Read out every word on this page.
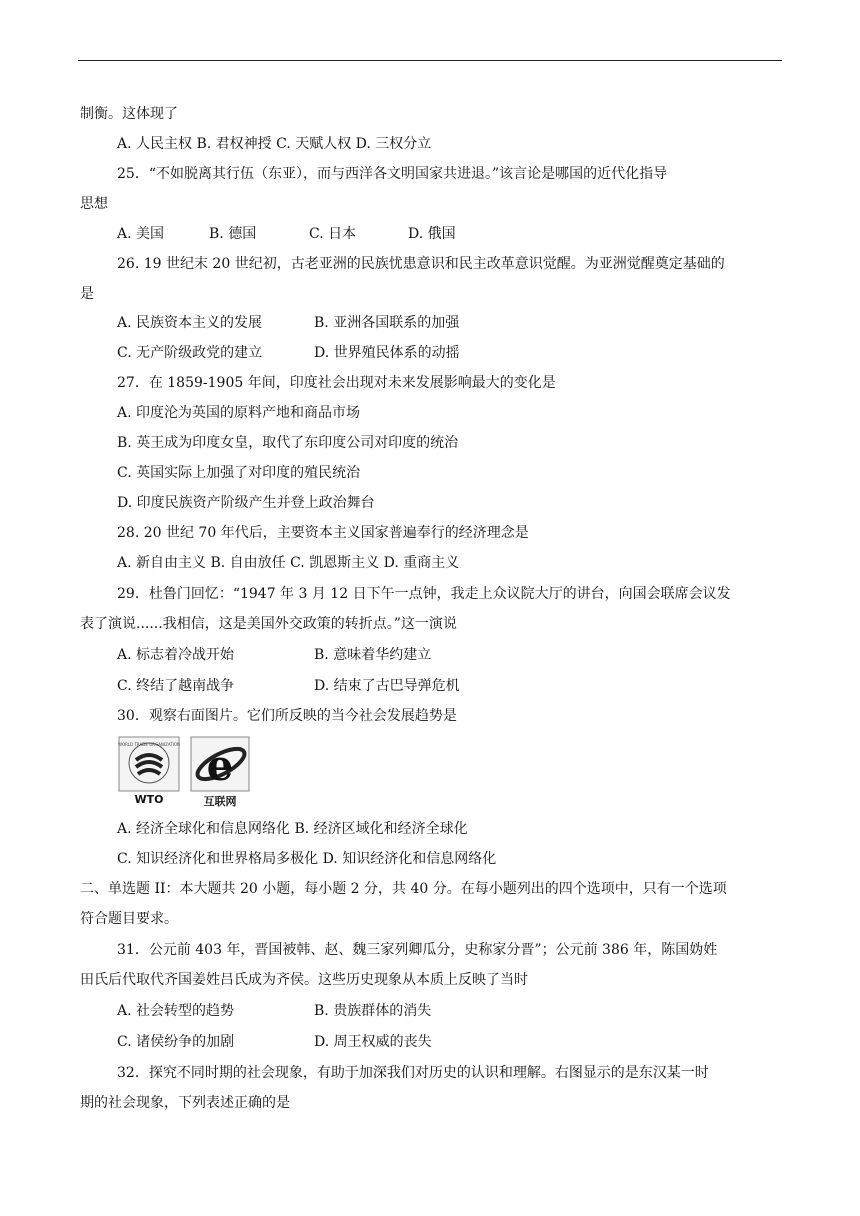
制衡。这体现了
A. 人民主权 B. 君权神授 C. 天赋人权 D. 三权分立
25．“不如脱离其行伍（东亚），而与西洋各文明国家共进退。”该言论是哪国的近代化指导
思想
A. 美国	B. 德国	C. 日本	D. 俄国
26. 19 世纪末 20 世纪初，古老亚洲的民族忧患意识和民主改革意识觉醒。为亚洲觉醒奠定基础的
是
A. 民族资本主义的发展	B. 亚洲各国联系的加强
C. 无产阶级政党的建立	D. 世界殖民体系的动摇
27．在 1859-1905 年间，印度社会出现对未来发展影响最大的变化是
A. 印度沦为英国的原料产地和商品市场
B. 英王成为印度女皇，取代了东印度公司对印度的统治
C. 英国实际上加强了对印度的殖民统治
D. 印度民族资产阶级产生并登上政治舞台
28. 20 世纪 70 年代后，主要资本主义国家普遍奉行的经济理念是
A. 新自由主义 B. 自由放任 C. 凯恩斯主义 D. 重商主义
29．杜鲁门回忆：“1947 年 3 月 12 日下午一点钟，我走上众议院大厅的讲台，向国会联席会议发
表了演说......我相信，这是美国外交政策的转折点。”这一演说
A. 标志着冷战开始	B. 意味着华约建立
C. 终结了越南战争	D. 结束了古巴导弹危机
30．观察右面图片。它们所反映的当今社会发展趋势是
WORLD TRADE ORGANIZATION
WTO
e
互联网
A. 经济全球化和信息网络化 B. 经济区域化和经济全球化
C. 知识经济化和世界格局多极化 D. 知识经济化和信息网络化
二、单选题 II：本大题共 20 小题，每小题 2 分，共 40 分。在每小题列出的四个选项中，只有一个选项
符合题目要求。
31．公元前 403 年，晋国被韩、赵、魏三家列卿瓜分，史称家分晋”；公元前 386 年，陈国妫姓
田氏后代取代齐国姜姓吕氏成为齐侯。这些历史现象从本质上反映了当时
A. 社会转型的趋势	B. 贵族群体的消失
C. 诸侯纷争的加剧	D. 周王权威的丧失
32．探究不同时期的社会现象，有助于加深我们对历史的认识和理解。右图显示的是东汉某一时
期的社会现象，下列表述正确的是
